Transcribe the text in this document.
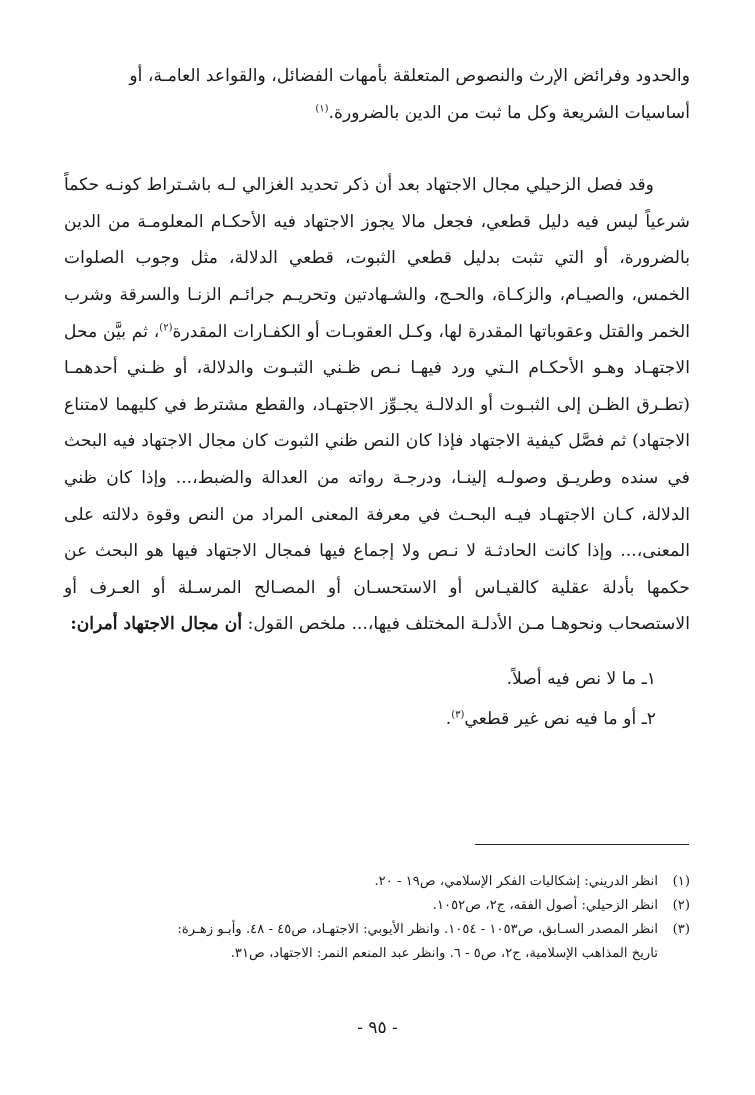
والحدود وفرائض الإرث والنصوص المتعلقة بأمهات الفضائل، والقواعد العامـة، أو
أساسيات الشريعة وكل ما ثبت من الدين بالضرورة.$^{(١)}$

وقد فصل الزحيلي مجال الاجتهاد بعد أن ذكر تحديد الغزالي لـه باشـتراط كونـه حكماً شرعياً ليس فيه دليل قطعي، فجعل مالا يجوز الاجتهاد فيه الأحكـام المعلومـة من الدين بالضرورة، أو التي تثبت بدليل قطعي الثبوت، قطعي الدلالة، مثل وجوب الصلوات الخمس، والصيـام، والزكـاة، والحـج، والشـهادتين وتحريـم جرائـم الزنـا والسرقة وشرب الخمر والقتل وعقوباتها المقدرة لها، وكـل العقوبـات أو الكفـارات المقدرة$^{(٢)}$، ثم بيَّن محل الاجتهـاد وهـو الأحكـام الـتي ورد فيهـا نـص ظـني الثبـوت والدلالة، أو ظـني أحدهمـا (تطـرق الظـن إلى الثبـوت أو الدلالـة يجـوِّز الاجتهـاد، والقطع مشترط في كليهما لامتناع الاجتهاد) ثم فصَّل كيفية الاجتهاد فإذا كان النص ظني الثبوت كان مجال الاجتهاد فيه البحث في سنده وطريـق وصولـه إلينـا، ودرجـة رواته من العدالة والضبط،... وإذا كان ظني الدلالة، كـان الاجتهـاد فيـه البحـث في معرفة المعنى المراد من النص وقوة دلالته على المعنى،... وإذا كانت الحادثـة لا نـص ولا إجماع فيها فمجال الاجتهاد فيها هو البحث عن حكمها بأدلة عقلية كالقيـاس أو الاستحسـان أو المصـالح المرسـلة أو العـرف أو الاستصحاب ونحوهـا مـن الأدلـة المختلف فيها،... ملخص القول: أن مجال الاجتهاد أمران:

١ـ ما لا نص فيه أصلاً.
٢ـ أو ما فيه نص غير قطعي$^{(٣)}$.

(١)انظر الدريني: إشكاليات الفكر الإسلامي، ص١٩ - ٢٠.

(٢)انظر الزحيلي: أصول الفقه، ج٢، ص١٠٥٢.

(٣)انظر المصدر السـابق، ص١٠٥٣ - ١٠٥٤. وانظر الأيوبي: الاجتهـاد، ص٤٥ - ٤٨. وأبـو زهـرة:
تاريخ المذاهب الإسلامية، ج٢، ص٥ - ٦. وانظر عبد المنعم النمر: الاجتهاد، ص٣١.

- ٩٥ -
